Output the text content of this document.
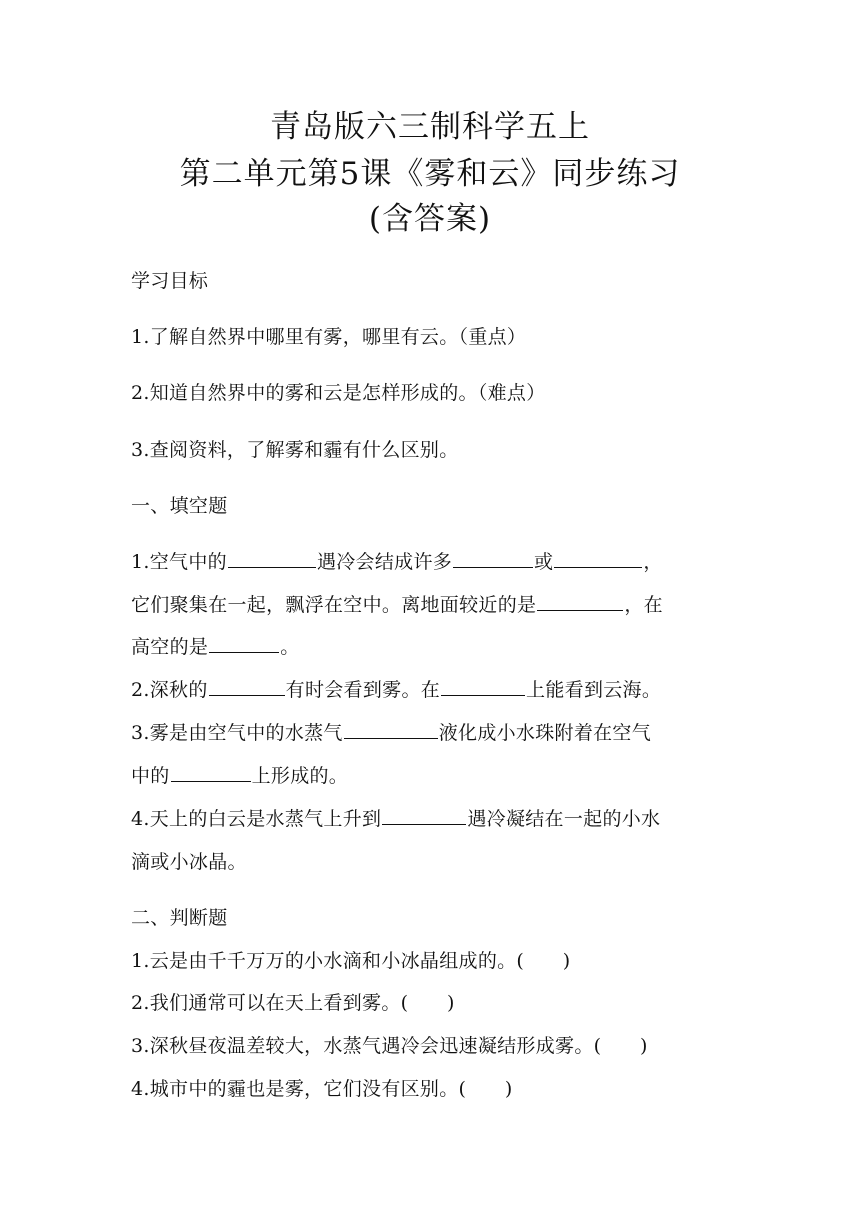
青岛版六三制科学五上
第二单元第5课《雾和云》同步练习
(含答案)
学习目标
1.了解自然界中哪里有雾，哪里有云。（重点）
2.知道自然界中的雾和云是怎样形成的。（难点）
3.查阅资料，了解雾和霾有什么区别。
一、填空题
1.空气中的	遇冷会结成许多	或	，
它们聚集在一起，飘浮在空中。离地面较近的是	，在
高空的是	。
2.深秋的	有时会看到雾。在	上能看到云海。
3.雾是由空气中的水蒸气	液化成小水珠附着在空气
中的	上形成的。
4.天上的白云是水蒸气上升到	遇冷凝结在一起的小水
滴或小冰晶。
二、判断题
1.云是由千千万万的小水滴和小冰晶组成的。(　　)
2.我们通常可以在天上看到雾。(　　)
3.深秋昼夜温差较大，水蒸气遇冷会迅速凝结形成雾。(　　)
4.城市中的霾也是雾，它们没有区别。(　　)
